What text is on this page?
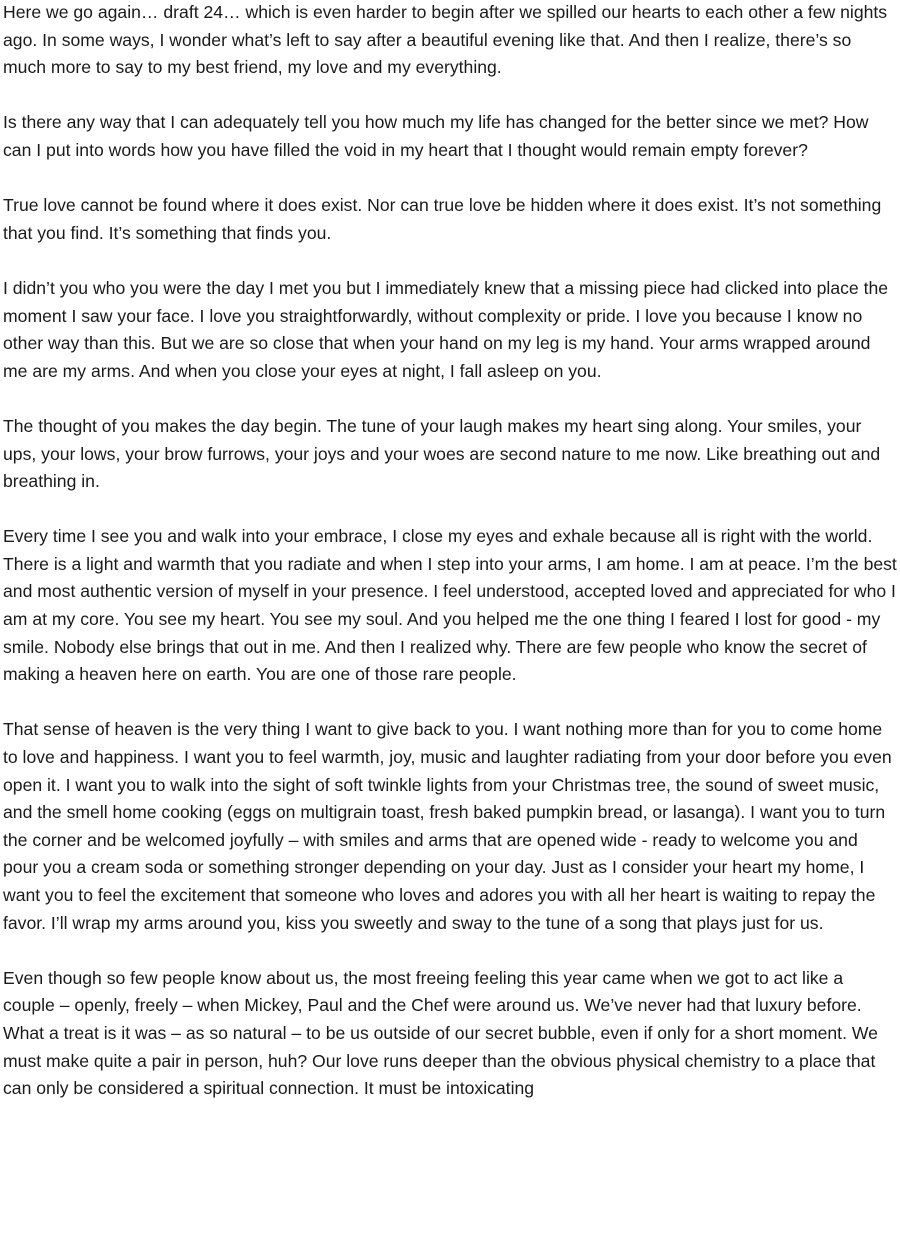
Here we go again… draft 24… which is even harder to begin after we spilled our hearts to each other a few nights ago. In some ways, I wonder what’s left to say after a beautiful evening like that. And then I realize, there’s so much more to say to my best friend, my love and my everything.

Is there any way that I can adequately tell you how much my life has changed for the better since we met? How can I put into words how you have filled the void in my heart that I thought would remain empty forever?

True love cannot be found where it does exist. Nor can true love be hidden where it does exist. It’s not something that you find. It’s something that finds you.

I didn’t you who you were the day I met you but I immediately knew that a missing piece had clicked into place the moment I saw your face. I love you straightforwardly, without complexity or pride. I love you because I know no other way than this. But we are so close that when your hand on my leg is my hand. Your arms wrapped around me are my arms. And when you close your eyes at night, I fall asleep on you.

The thought of you makes the day begin. The tune of your laugh makes my heart sing along. Your smiles, your ups, your lows, your brow furrows, your joys and your woes are second nature to me now. Like breathing out and breathing in.

Every time I see you and walk into your embrace, I close my eyes and exhale because all is right with the world. There is a light and warmth that you radiate and when I step into your arms, I am home. I am at peace. I’m the best and most authentic version of myself in your presence. I feel understood, accepted loved and appreciated for who I am at my core. You see my heart. You see my soul. And you helped me the one thing I feared I lost for good - my smile. Nobody else brings that out in me. And then I realized why. There are few people who know the secret of making a heaven here on earth. You are one of those rare people.

That sense of heaven is the very thing I want to give back to you. I want nothing more than for you to come home to love and happiness. I want you to feel warmth, joy, music and laughter radiating from your door before you even open it. I want you to walk into the sight of soft twinkle lights from your Christmas tree, the sound of sweet music, and the smell home cooking (eggs on multigrain toast, fresh baked pumpkin bread, or lasanga). I want you to turn the corner and be welcomed joyfully – with smiles and arms that are opened wide - ready to welcome you and pour you a cream soda or something stronger depending on your day. Just as I consider your heart my home, I want you to feel the excitement that someone who loves and adores you with all her heart is waiting to repay the favor. I’ll wrap my arms around you, kiss you sweetly and sway to the tune of a song that plays just for us.

Even though so few people know about us, the most freeing feeling this year came when we got to act like a couple – openly, freely – when Mickey, Paul and the Chef were around us. We’ve never had that luxury before. What a treat is it was – as so natural – to be us outside of our secret bubble, even if only for a short moment. We must make quite a pair in person, huh? Our love runs deeper than the obvious physical chemistry to a place that can only be considered a spiritual connection. It must be intoxicating
